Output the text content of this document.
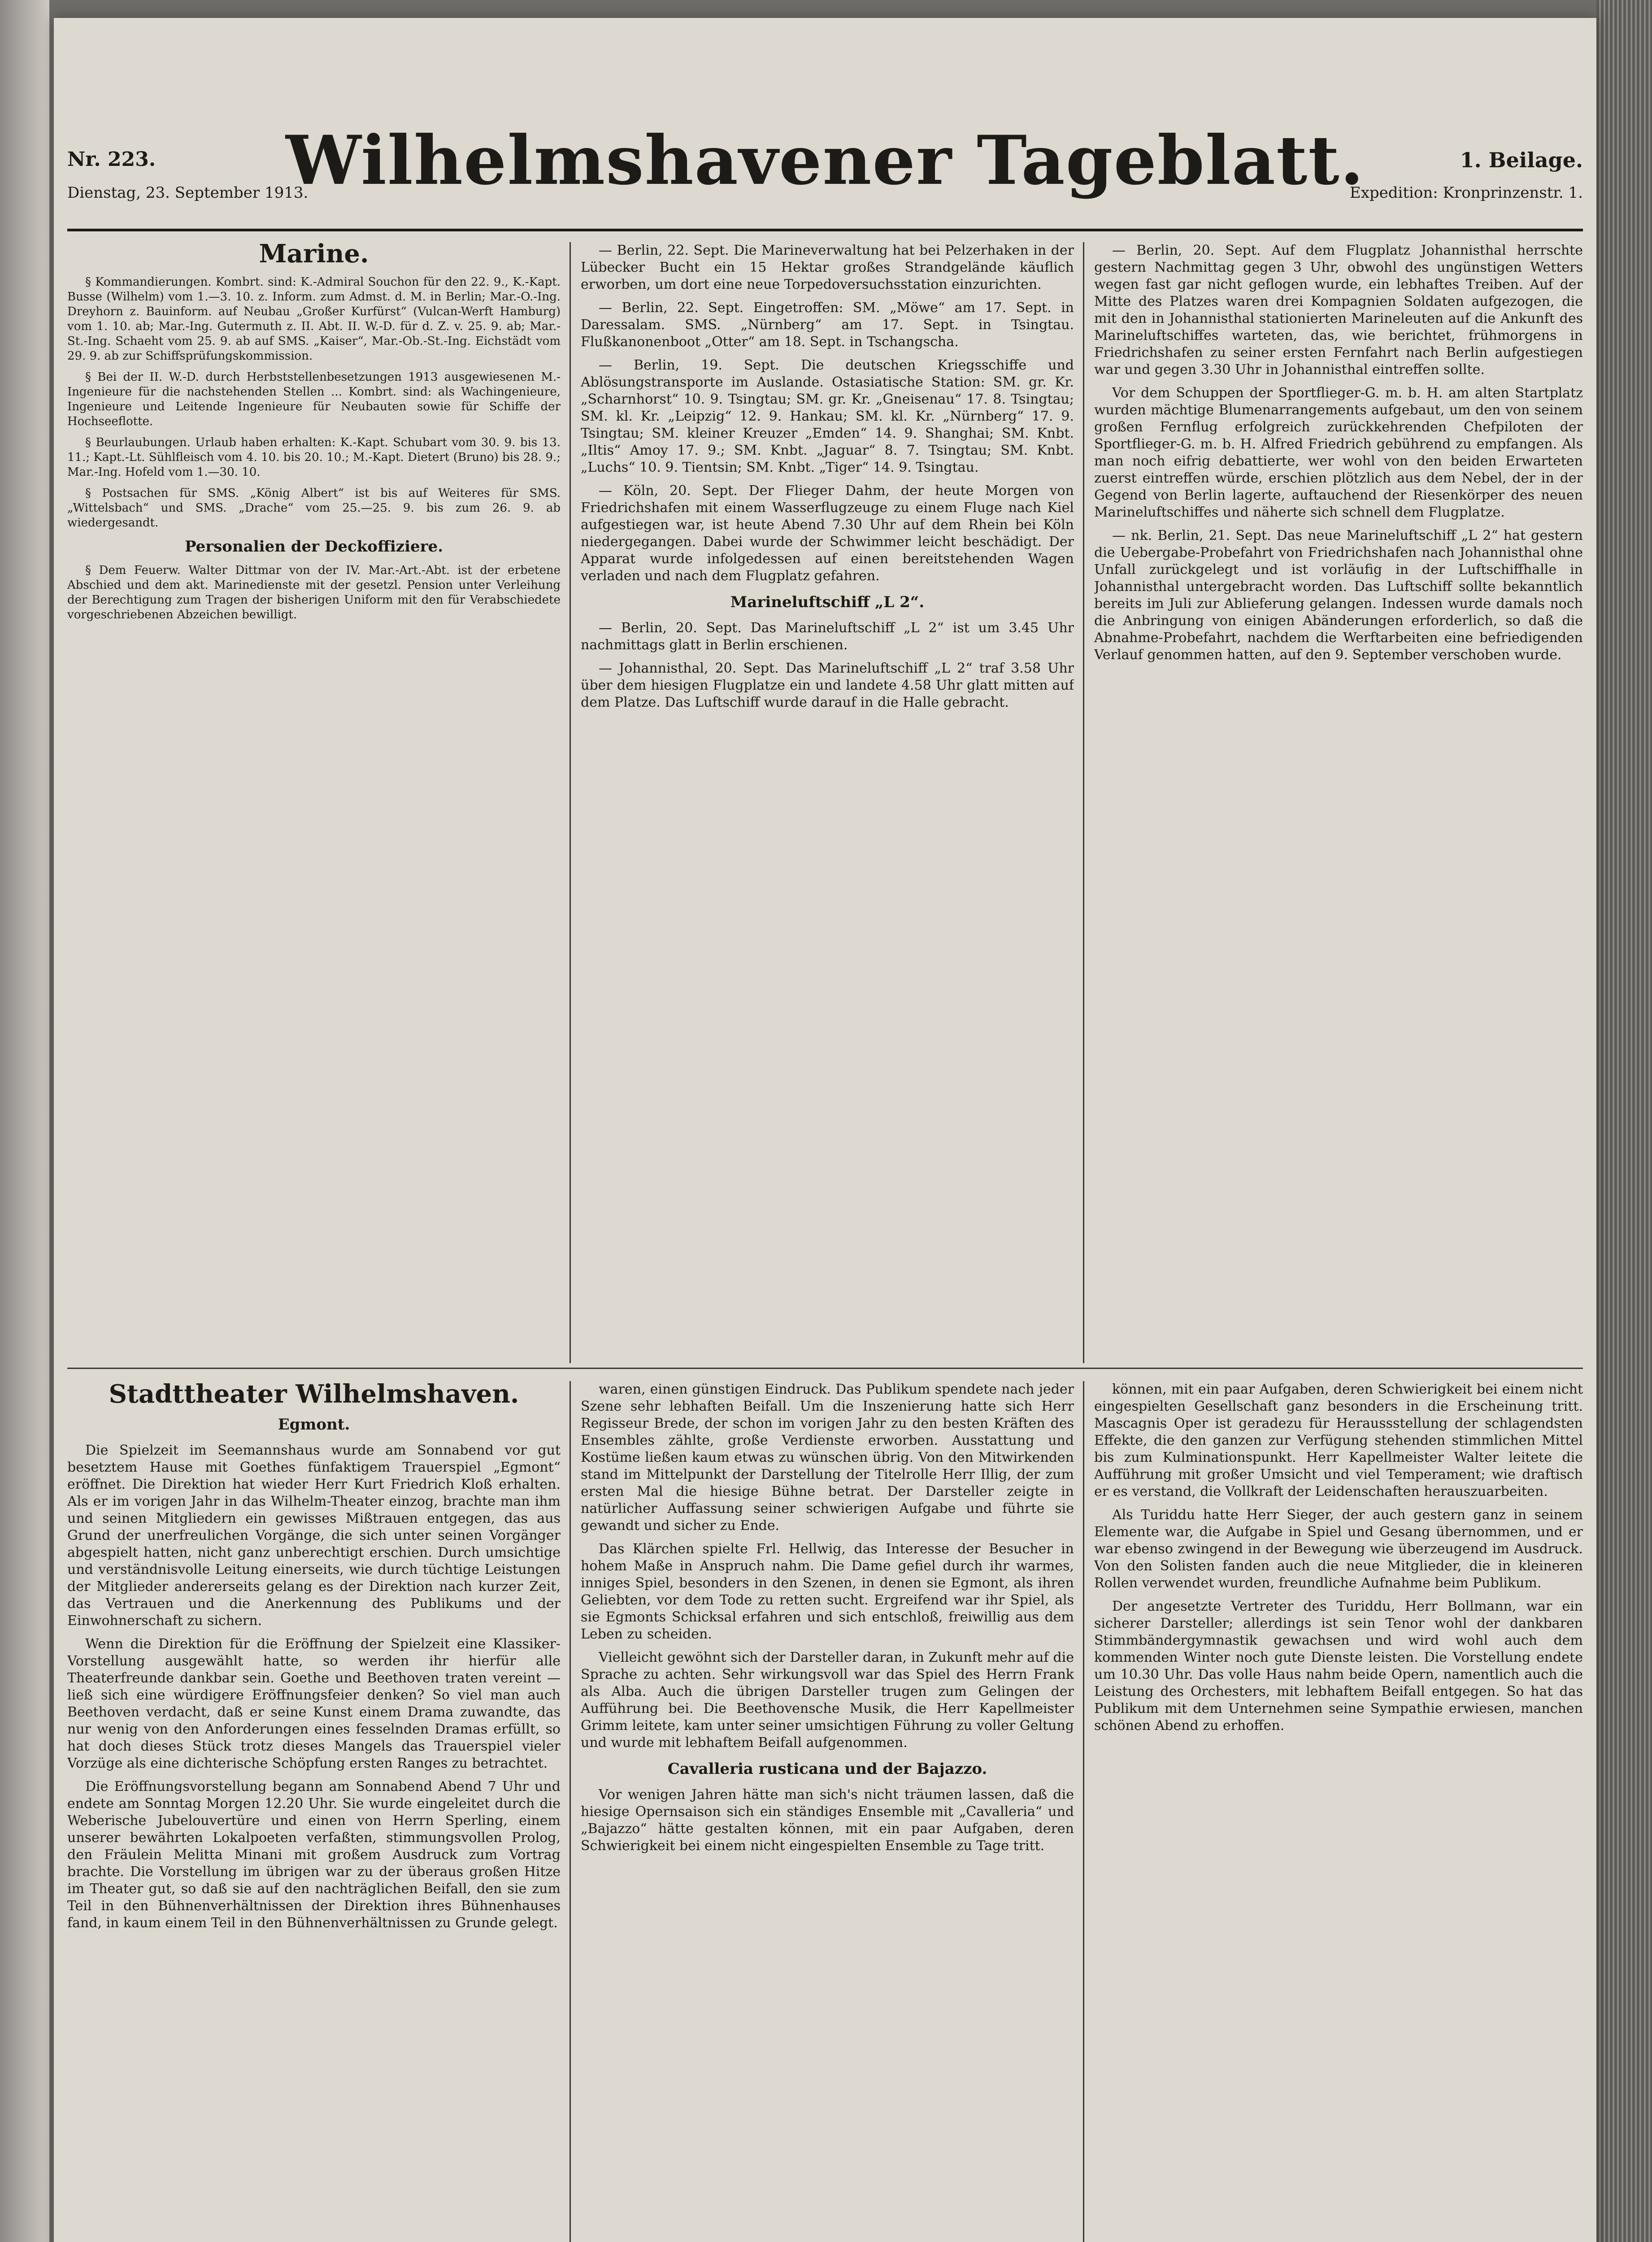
Nr. 223.
Dienstag, 23. September 1913.
Wilhelmshavener Tageblatt.	1. Beilage.
Expedition: Kronprinzenstr. 1.
Marine.

§ Kommandierungen. Kombrt. sind: K.-Admiral Souchon für den 22. 9., K.-Kapt. Busse (Wilhelm) vom 1.—3. 10. z. Inform. zum Admst. d. M. in Berlin; Mar.-O.-Ing. Dreyhorn z. Bauinform. auf Neubau „Großer Kurfürst“ (Vulcan-Werft Hamburg) vom 1. 10. ab; Mar.-Ing. Gutermuth z. II. Abt. II. W.-D. für d. Z. v. 25. 9. ab; Mar.-St.-Ing. Schaeht vom 25. 9. ab auf SMS. „Kaiser“, Mar.-Ob.-St.-Ing. Eichstädt vom 29. 9. ab zur Schiffsprüfungskommission.

§ Bei der II. W.-D. durch Herbststellenbesetzungen 1913 ausgewiesenen M.-Ingenieure für die nachstehenden Stellen ... Kombrt. sind: als Wachingenieure, Ingenieure und Leitende Ingenieure für Neubauten sowie für Schiffe der Hochseeflotte.

§ Beurlaubungen. Urlaub haben erhalten: K.-Kapt. Schubart vom 30. 9. bis 13. 11.; Kapt.-Lt. Sühlfleisch vom 4. 10. bis 20. 10.; M.-Kapt. Dietert (Bruno) bis 28. 9.; Mar.-Ing. Hofeld vom 1.—30. 10.

§ Postsachen für SMS. „König Albert“ ist bis auf Weiteres für SMS. „Wittelsbach“ und SMS. „Drache“ vom 25.—25. 9. bis zum 26. 9. ab wiedergesandt.

Personalien der Deckoffiziere.

§ Dem Feuerw. Walter Dittmar von der IV. Mar.-Art.-Abt. ist der erbetene Abschied und dem akt. Marinedienste mit der gesetzl. Pension unter Verleihung der Berechtigung zum Tragen der bisherigen Uniform mit den für Verabschiedete vorgeschriebenen Abzeichen bewilligt.

— Berlin, 22. Sept. Die Marineverwaltung hat bei Pelzerhaken in der Lübecker Bucht ein 15 Hektar großes Strandgelände käuflich erworben, um dort eine neue Torpedoversuchsstation einzurichten.

— Berlin, 22. Sept. Eingetroffen: SM. „Möwe“ am 17. Sept. in Daressalam. SMS. „Nürnberg“ am 17. Sept. in Tsingtau. Flußkanonenboot „Otter“ am 18. Sept. in Tschangscha.

— Berlin, 19. Sept. Die deutschen Kriegsschiffe und Ablösungstransporte im Auslande. Ostasiatische Station: SM. gr. Kr. „Scharnhorst“ 10. 9. Tsingtau; SM. gr. Kr. „Gneisenau“ 17. 8. Tsingtau; SM. kl. Kr. „Leipzig“ 12. 9. Hankau; SM. kl. Kr. „Nürnberg“ 17. 9. Tsingtau; SM. kleiner Kreuzer „Emden“ 14. 9. Shanghai; SM. Knbt. „Iltis“ Amoy 17. 9.; SM. Knbt. „Jaguar“ 8. 7. Tsingtau; SM. Knbt. „Luchs“ 10. 9. Tientsin; SM. Knbt. „Tiger“ 14. 9. Tsingtau.

— Köln, 20. Sept. Der Flieger Dahm, der heute Morgen von Friedrichshafen mit einem Wasserflugzeuge zu einem Fluge nach Kiel aufgestiegen war, ist heute Abend 7.30 Uhr auf dem Rhein bei Köln niedergegangen. Dabei wurde der Schwimmer leicht beschädigt. Der Apparat wurde infolgedessen auf einen bereitstehenden Wagen verladen und nach dem Flugplatz gefahren.

Marineluftschiff „L 2“.

— Berlin, 20. Sept. Das Marineluftschiff „L 2“ ist um 3.45 Uhr nachmittags glatt in Berlin erschienen.

— Johannisthal, 20. Sept. Das Marineluftschiff „L 2“ traf 3.58 Uhr über dem hiesigen Flugplatze ein und landete 4.58 Uhr glatt mitten auf dem Platze. Das Luftschiff wurde darauf in die Halle gebracht.

— Berlin, 20. Sept. Auf dem Flugplatz Johannisthal herrschte gestern Nachmittag gegen 3 Uhr, obwohl des ungünstigen Wetters wegen fast gar nicht geflogen wurde, ein lebhaftes Treiben. Auf der Mitte des Platzes waren drei Kompagnien Soldaten aufgezogen, die mit den in Johannisthal stationierten Marineleuten auf die Ankunft des Marineluftschiffes warteten, das, wie berichtet, frühmorgens in Friedrichshafen zu seiner ersten Fernfahrt nach Berlin aufgestiegen war und gegen 3.30 Uhr in Johannisthal eintreffen sollte.

Vor dem Schuppen der Sportflieger-G. m. b. H. am alten Startplatz wurden mächtige Blumenarrangements aufgebaut, um den von seinem großen Fernflug erfolgreich zurückkehrenden Chefpiloten der Sportflieger-G. m. b. H. Alfred Friedrich gebührend zu empfangen. Als man noch eifrig debattierte, wer wohl von den beiden Erwarteten zuerst eintreffen würde, erschien plötzlich aus dem Nebel, der in der Gegend von Berlin lagerte, auftauchend der Riesenkörper des neuen Marineluftschiffes und näherte sich schnell dem Flugplatze.

— nk. Berlin, 21. Sept. Das neue Marineluftschiff „L 2“ hat gestern die Uebergabe-Probefahrt von Friedrichshafen nach Johannisthal ohne Unfall zurückgelegt und ist vorläufig in der Luftschiffhalle in Johannisthal untergebracht worden. Das Luftschiff sollte bekanntlich bereits im Juli zur Ablieferung gelangen. Indessen wurde damals noch die Anbringung von einigen Abänderungen erforderlich, so daß die Abnahme-Probefahrt, nachdem die Werftarbeiten eine befriedigenden Verlauf genommen hatten, auf den 9. September verschoben wurde.

Stadttheater Wilhelmshaven.
Egmont.

Die Spielzeit im Seemannshaus wurde am Sonnabend vor gut besetztem Hause mit Goethes fünfaktigem Trauerspiel „Egmont“ eröffnet. Die Direktion hat wieder Herr Kurt Friedrich Kloß erhalten. Als er im vorigen Jahr in das Wilhelm-Theater einzog, brachte man ihm und seinen Mitgliedern ein gewisses Mißtrauen entgegen, das aus Grund der unerfreulichen Vorgänge, die sich unter seinen Vorgänger abgespielt hatten, nicht ganz unberechtigt erschien. Durch umsichtige und verständnisvolle Leitung einerseits, wie durch tüchtige Leistungen der Mitglieder andererseits gelang es der Direktion nach kurzer Zeit, das Vertrauen und die Anerkennung des Publikums und der Einwohnerschaft zu sichern.

Wenn die Direktion für die Eröffnung der Spielzeit eine Klassiker-Vorstellung ausgewählt hatte, so werden ihr hierfür alle Theaterfreunde dankbar sein. Goethe und Beethoven traten vereint — ließ sich eine würdigere Eröffnungsfeier denken? So viel man auch Beethoven verdacht, daß er seine Kunst einem Drama zuwandte, das nur wenig von den Anforderungen eines fesselnden Dramas erfüllt, so hat doch dieses Stück trotz dieses Mangels das Trauerspiel vieler Vorzüge als eine dichterische Schöpfung ersten Ranges zu betrachtet.

Die Eröffnungsvorstellung begann am Sonnabend Abend 7 Uhr und endete am Sonntag Morgen 12.20 Uhr. Sie wurde eingeleitet durch die Weberische Jubelouvertüre und einen von Herrn Sperling, einem unserer bewährten Lokalpoeten verfaßten, stimmungsvollen Prolog, den Fräulein Melitta Minani mit großem Ausdruck zum Vortrag brachte. Die Vorstellung im übrigen war zu der überaus großen Hitze im Theater gut, so daß sie auf den nachträglichen Beifall, den sie zum Teil in den Bühnenverhältnissen der Direktion ihres Bühnenhauses fand, in kaum einem Teil in den Bühnenverhältnissen zu Grunde gelegt.

waren, einen günstigen Eindruck. Das Publikum spendete nach jeder Szene sehr lebhaften Beifall. Um die Inszenierung hatte sich Herr Regisseur Brede, der schon im vorigen Jahr zu den besten Kräften des Ensembles zählte, große Verdienste erworben. Ausstattung und Kostüme ließen kaum etwas zu wünschen übrig. Von den Mitwirkenden stand im Mittelpunkt der Darstellung der Titelrolle Herr Illig, der zum ersten Mal die hiesige Bühne betrat. Der Darsteller zeigte in natürlicher Auffassung seiner schwierigen Aufgabe und führte sie gewandt und sicher zu Ende.

Das Klärchen spielte Frl. Hellwig, das Interesse der Besucher in hohem Maße in Anspruch nahm. Die Dame gefiel durch ihr warmes, inniges Spiel, besonders in den Szenen, in denen sie Egmont, als ihren Geliebten, vor dem Tode zu retten sucht. Ergreifend war ihr Spiel, als sie Egmonts Schicksal erfahren und sich entschloß, freiwillig aus dem Leben zu scheiden.

Vielleicht gewöhnt sich der Darsteller daran, in Zukunft mehr auf die Sprache zu achten. Sehr wirkungsvoll war das Spiel des Herrn Frank als Alba. Auch die übrigen Darsteller trugen zum Gelingen der Aufführung bei. Die Beethovensche Musik, die Herr Kapellmeister Grimm leitete, kam unter seiner umsichtigen Führung zu voller Geltung und wurde mit lebhaftem Beifall aufgenommen.

Cavalleria rusticana und der Bajazzo.

Vor wenigen Jahren hätte man sich's nicht träumen lassen, daß die hiesige Opernsaison sich ein ständiges Ensemble mit „Cavalleria“ und „Bajazzo“ hätte gestalten können, mit ein paar Aufgaben, deren Schwierigkeit bei einem nicht eingespielten Ensemble zu Tage tritt.

können, mit ein paar Aufgaben, deren Schwierigkeit bei einem nicht eingespielten Gesellschaft ganz besonders in die Erscheinung tritt. Mascagnis Oper ist geradezu für Heraussstellung der schlagendsten Effekte, die den ganzen zur Verfügung stehenden stimmlichen Mittel bis zum Kulminationspunkt. Herr Kapellmeister Walter leitete die Aufführung mit großer Umsicht und viel Temperament; wie draftisch er es verstand, die Vollkraft der Leidenschaften herauszuarbeiten.

Als Turiddu hatte Herr Sieger, der auch gestern ganz in seinem Elemente war, die Aufgabe in Spiel und Gesang übernommen, und er war ebenso zwingend in der Bewegung wie überzeugend im Ausdruck. Von den Solisten fanden auch die neue Mitglieder, die in kleineren Rollen verwendet wurden, freundliche Aufnahme beim Publikum.

Der angesetzte Vertreter des Turiddu, Herr Bollmann, war ein sicherer Darsteller; allerdings ist sein Tenor wohl der dankbaren Stimmbändergymnastik gewachsen und wird wohl auch dem kommenden Winter noch gute Dienste leisten. Die Vorstellung endete um 10.30 Uhr. Das volle Haus nahm beide Opern, namentlich auch die Leistung des Orchesters, mit lebhaftem Beifall entgegen. So hat das Publikum mit dem Unternehmen seine Sympathie erwiesen, manchen schönen Abend zu erhoffen.
